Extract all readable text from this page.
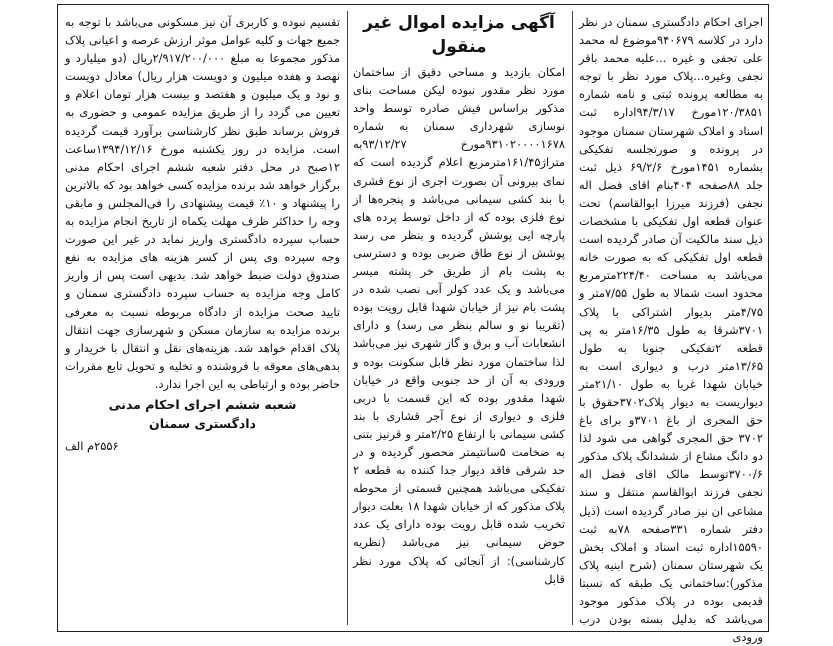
اجرای احکام دادگستری سمنان در نظر دارد در کلاسه ۹۴۰۶۷۹موضوع له محمد علی تجفی و غیره ...علیه محمد باقر نجفی وغیره...پلاک مورد نظر با توجه به مطالعه پرونده ثبتی و نامه شماره ۱۲۰/۳۸۵۱مورخ ۹۴/۳/۱۷اداره ثبت اسناد و املاک شهرستان سمنان موجود در پرونده و صورتجلسه تفکیکی بشماره ۱۴۵۱مورخ ۶۹/۲/۶ ذیل ثبت جلد ۸۸صفحه ۴۰۴بنام اقای فضل اله نجفی (فرزند میرزا ابوالقاسم) تحت عنوان قطعه اول تفکیکی با مشخصات ذیل سند مالکیت آن صادر گردیده است قطعه اول تفکیکی که به صورت خانه می‌باشد به مساحت ۲۲۴/۴۰مترمربع محدود است شمالا به طول ۷/۵۵متر و ۴/۷۵متر بدیوار اشتراکی با پلاک ۳۷۰۱شرقا به طول ۱۶/۳۵متر به پی قطعه ۲تفکیکی جنوبا به طول ۱۳/۶۵متر درب و دیواری است به خیابان شهدا غربا به طول ۲۱/۱۰متر دیواریست به دیوار پلاک۳۷۰۲حقوق با حق المجری از باغ ۳۷۰۱و برای باغ ۳۷۰۲ حق المجری گواهی می شود لذا دو دانگ مشاع از ششدانگ پلاک مذکور ۳۷۰۰/۶توسط مالک اقای فضل اله نجفی فرزند ابوالقاسم منتقل و سند مشاعی ان نیز صادر گردیده است (ذیل دفتر شماره ۳۳۱صفحه ۷۸به ثبت ۱۵۵۹۰اداره ثبت اسناد و املاک بخش یک شهرستان سمنان (شرح ابنیه پلاک مذکور):ساختمانی یک طبقه که نسبتا قدیمی بوده در پلاک مذکور موجود می‌باشد که بدلیل بسته بودن درب ورودی

آگهی مزایده اموال غیر منقول

امکان بازدید و مساحی دقیق از ساختمان مورد نظر مقدور نبوده لیکن مساحت بنای مذکور براساس فیش صادره توسط واحد نوسازی شهرداری سمنان به شماره ۹۳۱۰۲۰۰۰۰۱۶۷۸مورخ ۹۳/۱۲/۲۷به متراژ۱۶۱/۴۵مترمربع اعلام گردیده است که نمای بیرونی آن بصورت اجری از نوع قشری با بند کشی سیمانی می‌باشد و پنجره‌ها از نوع فلزی بوده که از داخل توسط پرده های پارچه ایی پوشش گردیده و بنظر می رسد پوشش از نوع طاق ضربی بوده و دسترسی به پشت بام از طریق خر پشته میسر می‌باشد و یک عدد کولر آبی نصب شده در پشت بام نیز از خیابان شهدا قابل رویت بوده (تقریبا نو و سالم بنظر می رسد) و دارای انشعابات آب و برق و گاز شهری نیز می‌باشد لذا ساختمان مورد نظر قابل سکونت بوده و ورودی به آن از حد جنوبی واقع در خیابان شهدا مقدور بوده که این قسمت با دربی فلزی و دیواری از نوع آجر قشاری با بند کشی سیمانی با ارتفاع ۲/۲۵متر و قرنیز بتنی به ضخامت ۵سانتیمتر محصور گردیده و در حد شرقی فاقد دیوار جدا کننده به قطعه ۲ تفکیکی می‌باشد همچنین قسمتی از محوطه پلاک مذکور که از خیابان شهدا ۱۸ بعلت دیوار تخریب شده قابل رویت بوده دارای یک عدد حوض سیمانی نیز می‌باشد (نظریه کارشناسی): از آنجائی که پلاک مورد نظر قابل

تقسیم نبوده و کاربری آن نیز مسکونی می‌باشد با توجه به جمیع جهات و کلیه عوامل موثر ارزش عرصه و اعیانی پلاک مذکور مجموعا به مبلغ ۲/۹۱۷/۲۰۰/۰۰۰ریال (دو میلیارد و نهصد و هفده میلیون و دویست هزار ریال) معادل دویست و نود و یک میلیون و هفتصد و بیست هزار تومان اعلام و تعیین می گردد را از طریق مزایده عمومی و حضوری به فروش برساند طبق نظر کارشناسی برآورد قیمت گردیده است. مزایده در روز یکشنبه مورخ ۱۳۹۴/۱۲/۱۶ساعت ۱۲صبح در محل دفتر شعبه ششم اجرای احکام مدنی برگزار خواهد شد برنده مزایده کسی خواهد بود که بالاترین را پیشنهاد و ۱۰٪ قیمت پیشنهادی را فی‌المجلس و مابقی وجه را حداکثر ظرف مهلت یکماه از تاریخ انجام مزایده به حساب سپرده دادگستری واریز نماید در غیر این صورت وجه سپرده وی پس از کسر هزینه های مزایده به نفع صندوق دولت ضبط خواهد شد. بدیهی است پس از واریز کامل وجه مزایده به حساب سپرده دادگستری سمنان و تایید صحت مزایده از دادگاه مربوطه نسبت به معرفی برنده مزایده به سازمان مسکن و شهرسازی جهت انتقال پلاک اقدام خواهد شد. هزینه‌های نقل و انتقال با خریدار و بدهی‌های معوقه با فروشنده و تخلیه و تحویل تابع مقررات حاضر بوده و ارتباطی به این اجرا ندارد.

شعبه ششم اجرای احکام مدنی
دادگستری سمنان
۲۵۵۶م الف
